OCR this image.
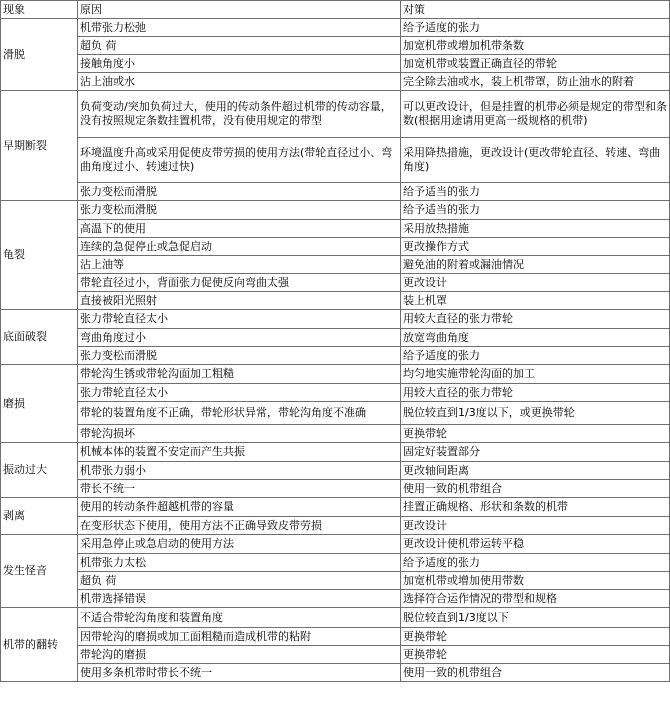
现象	原因	对策
滑脱	机带张力松弛	给予适度的张力
	超负 荷	加宽机带或增加机带条数
	接触角度小	加宽机带或装置正确直径的带轮
	沾上油或水	完全除去油或水，装上机带罩，防止油水的附着
早期断裂	负荷变动/突加负荷过大，使用的传动条件超过机带的传动容量，没有按照规定条数挂置机带，没有使用规定的带型	可以更改设计，但是挂置的机带必须是规定的带型和条数(根据用途请用更高一级规格的机带)
	环境温度升高或采用促使皮带劳损的使用方法(带轮直径过小、弯曲角度过小、转速过快)	采用降热措施，更改设计(更改带轮直径、转速、弯曲角度)
	张力变松而滑脱	给予适当的张力
龟裂	张力变松而滑脱	给予适当的张力
	高温下的使用	采用放热措施
	连续的急促停止或急促启动	更改操作方式
	沾上油等	避免油的附着或漏油情况
	带轮直径过小，背面张力促使反向弯曲太强	更改设计
	直接被阳光照射	装上机罩
底面破裂	张力带轮直径太小	用较大直径的张力带轮
	弯曲角度过小	放宽弯曲角度
	张力变松而滑脱	给予适度的张力
磨损	带轮沟生锈或带轮沟面加工粗糙	均匀地实施带轮沟面的加工
	张力带轮直径太小	用较大直径的张力带轮
	带轮的装置角度不正确，带轮形状异常，带轮沟角度不准确	脱位较直到1/3度以下，或更换带轮
	带轮沟损坏	更换带轮
振动过大	机械本体的装置不安定而产生共振	固定好装置部分
	机带张力弱小	更改轴间距离
	带长不统一	使用一致的机带组合
剥离	使用的转动条件超越机带的容量	挂置正确规格、形状和条数的机带
	在变形状态下使用，使用方法不正确导致皮带劳损	更改设计
发生怪音	采用急停止或急启动的使用方法	更改设计使机带运转平稳
	机带张力太松	给予适度的张力
	超负 荷	加宽机带或增加使用带数
	机带选择错误	选择符合运作情况的带型和规格
机带的翻转	不适合带轮沟角度和装置角度	脱位较直到1/3度以下
	因带轮沟的磨损或加工面粗糙而造成机带的粘附	更换带轮
	带轮沟的磨损	更换带轮
	使用多条机带时带长不统一	使用一致的机带组合
